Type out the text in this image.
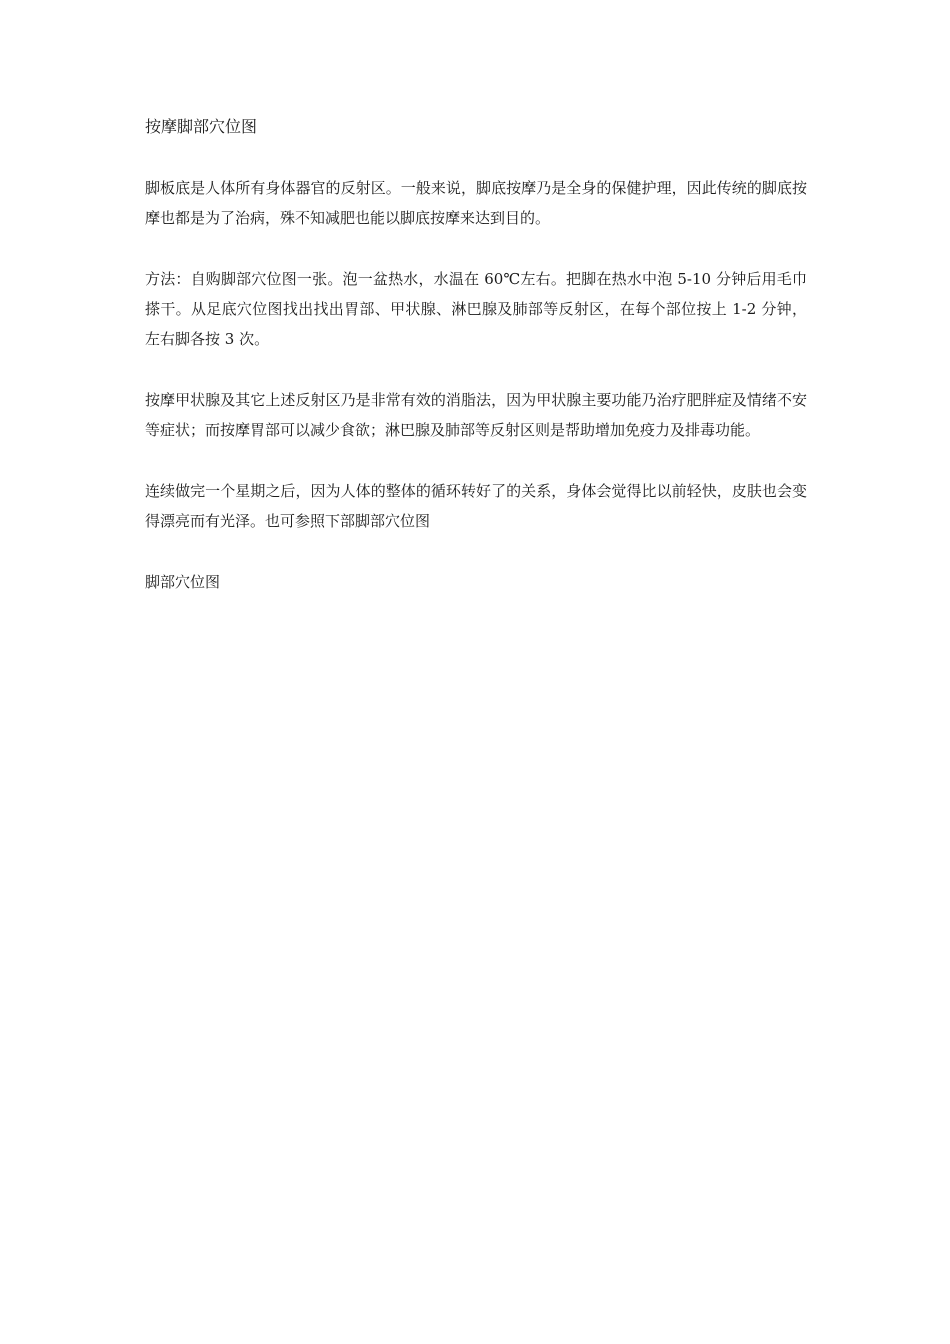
按摩脚部穴位图

脚板底是人体所有身体器官的反射区。一般来说，脚底按摩乃是全身的保健护理，因此传统的脚底按摩也都是为了治病，殊不知减肥也能以脚底按摩来达到目的。

方法：自购脚部穴位图一张。泡一盆热水，水温在 60℃左右。把脚在热水中泡 5-10 分钟后用毛巾搽干。从足底穴位图找出找出胃部、甲状腺、淋巴腺及肺部等反射区，在每个部位按上 1-2 分钟，左右脚各按 3 次。

按摩甲状腺及其它上述反射区乃是非常有效的消脂法，因为甲状腺主要功能乃治疗肥胖症及情绪不安等症状；而按摩胃部可以减少食欲；淋巴腺及肺部等反射区则是帮助增加免疫力及排毒功能。

连续做完一个星期之后，因为人体的整体的循环转好了的关系，身体会觉得比以前轻快，皮肤也会变得漂亮而有光泽。也可参照下部脚部穴位图

脚部穴位图
